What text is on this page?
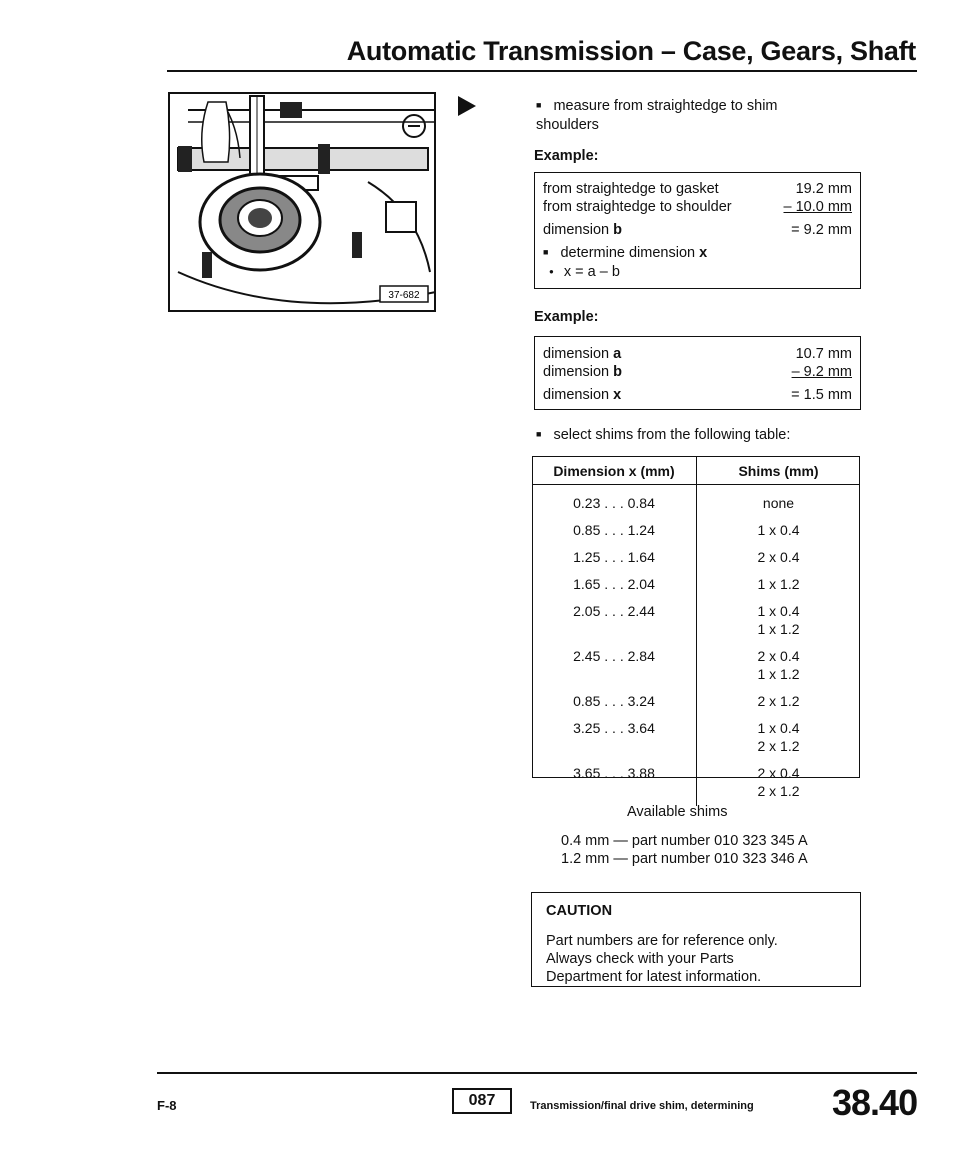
Automatic Transmission – Case, Gears, Shaft
37-682
■ measure from straightedge to shim shoulders
Example:
from straightedge to gasket	19.2 mm
from straightedge to shoulder	– 10.0 mm
dimension b	= 9.2 mm
■ determine dimension x
● x = a – b
Example:
dimension a	10.7 mm
dimension b	– 9.2 mm
dimension x	= 1.5 mm
■ select shims from the following table:
Dimension x (mm)	Shims (mm)
0.23 . . . 0.84	none
0.85 . . . 1.24	1 x 0.4
1.25 . . . 1.64	2 x 0.4
1.65 . . . 2.04	1 x 1.2
2.05 . . . 2.44	1 x 0.4
1 x 1.2

2.45 . . . 2.84	2 x 0.4
1 x 1.2

0.85 . . . 3.24	2 x 1.2
3.25 . . . 3.64	1 x 0.4
2 x 1.2

3.65 . . . 3.88	2 x 0.4
2 x 1.2
Available shims
0.4 mm — part number 010 323 345 A
1.2 mm — part number 010 323 346 A
CAUTION
Part numbers are for reference only.
Always check with your Parts
Department for latest information.
F-8	087	Transmission/final drive shim, determining 38.40
